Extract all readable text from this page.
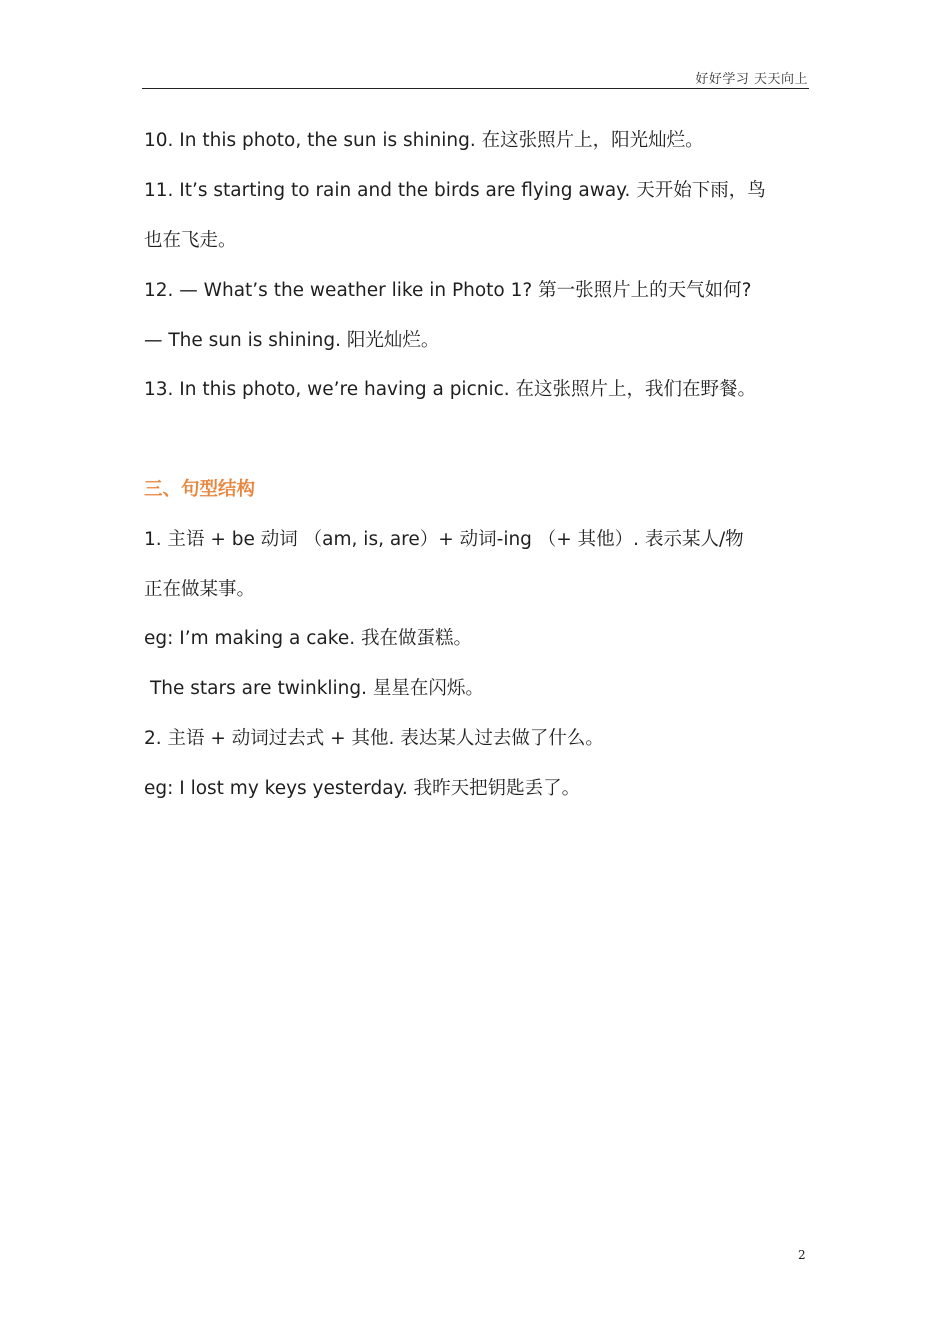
好好学习 天天向上
10. In this photo, the sun is shining. 在这张照片上，阳光灿烂。
11. It’s starting to rain and the birds are flying away. 天开始下雨，鸟
也在飞走。
12. — What’s the weather like in Photo 1? 第一张照片上的天气如何?
— The sun is shining. 阳光灿烂。
13. In this photo, we’re having a picnic. 在这张照片上，我们在野餐。
三、句型结构
1. 主语 + be 动词 （am, is, are）+ 动词-ing （+ 其他）. 表示某人/物
正在做某事。
eg: I’m making a cake. 我在做蛋糕。
The stars are twinkling. 星星在闪烁。
2. 主语 + 动词过去式 + 其他. 表达某人过去做了什么。
eg: I lost my keys yesterday. 我昨天把钥匙丢了。
2
